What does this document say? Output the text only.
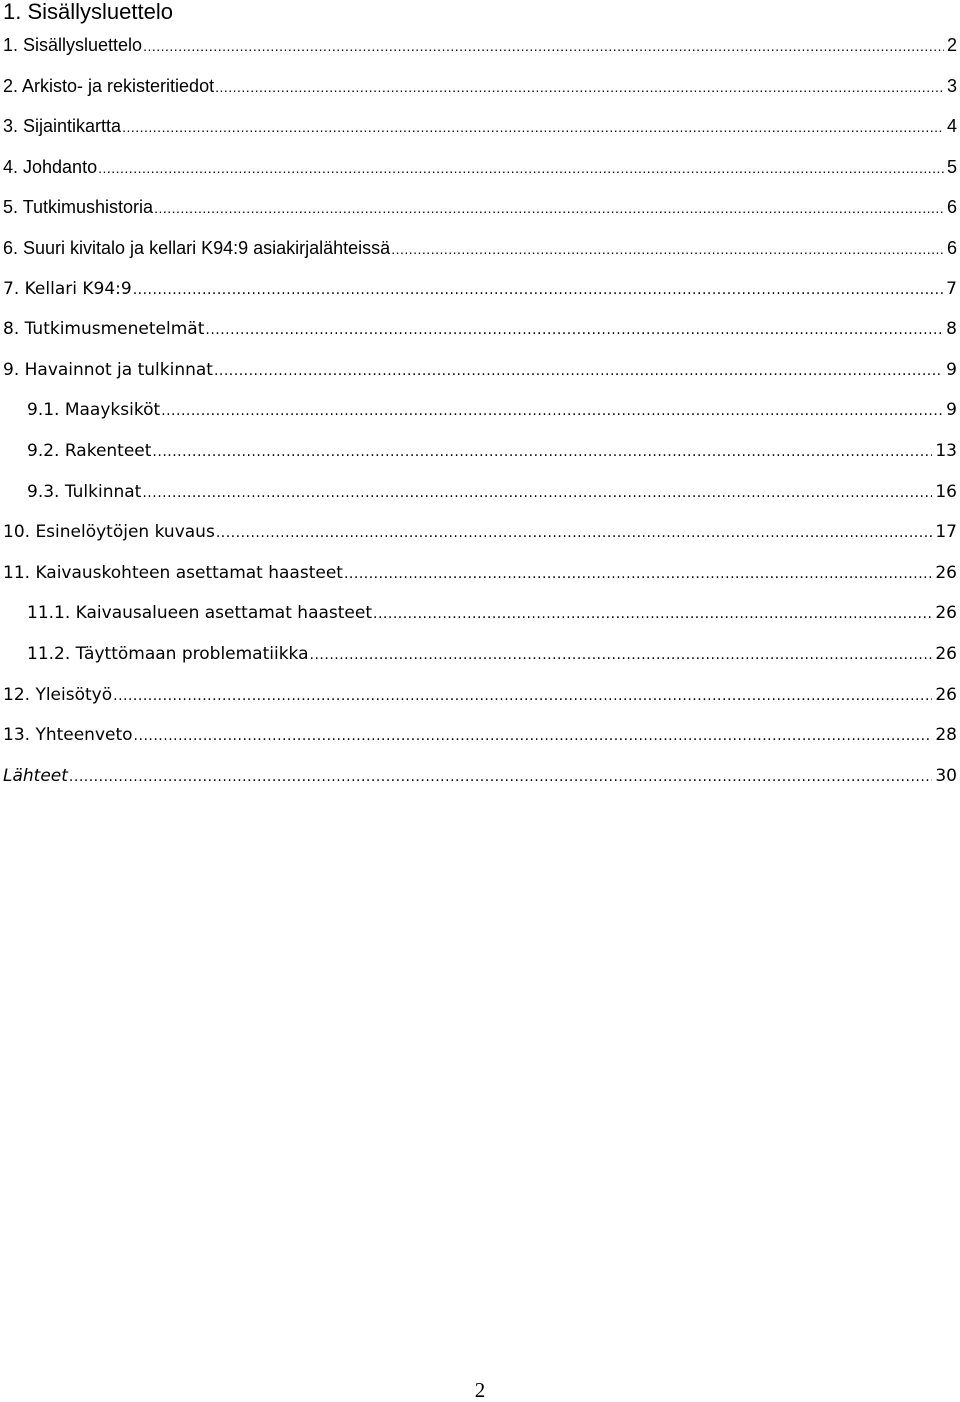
1. Sisällysluettelo
1. Sisällysluettelo .....	2
2. Arkisto- ja rekisteritiedot .....	3
3. Sijaintikartta .....	4
4. Johdanto .....	5
5. Tutkimushistoria .....	6
6. Suuri kivitalo ja kellari K94:9 asiakirjalähteissä .....	6
7. Kellari K94:9 .....	7
8. Tutkimusmenetelmät .....	8
9. Havainnot ja tulkinnat .....	9
9.1. Maayksiköt .....	9
9.2. Rakenteet .....	13
9.3. Tulkinnat .....	16
10. Esinelöytöjen kuvaus .....	17
11. Kaivauskohteen asettamat haasteet .....	26
11.1. Kaivausalueen asettamat haasteet .....	26
11.2. Täyttömaan problematiikka .....	26
12. Yleisötyö .....	26
13. Yhteenveto .....	28
Lähteet .....	30
2
